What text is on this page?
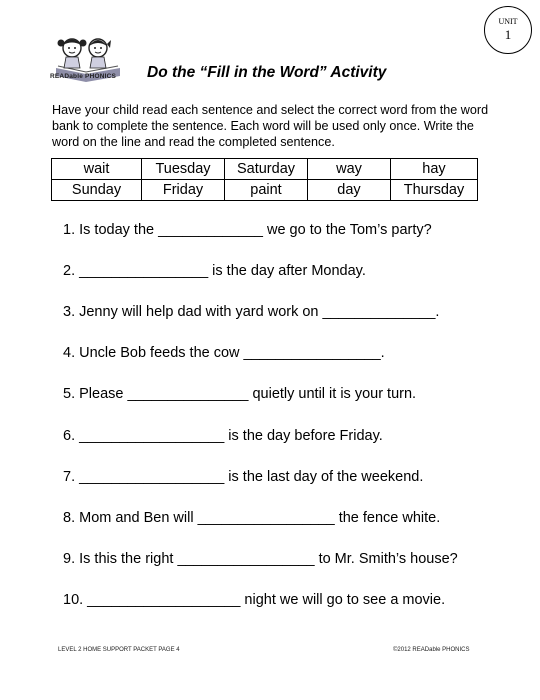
READable PHONICS
UNIT
1
Do the “Fill in the Word” Activity
Have your child read each sentence and select the correct word from the word bank to complete the sentence. Each word will be used only once. Write the word on the line and read the completed sentence.
wait	Tuesday	Saturday	way	hay
Sunday	Friday	paint	day	Thursday
1. Is today the _____________ we go to the Tom’s party?
2. ________________ is the day after Monday.
3. Jenny will help dad with yard work on ______________.
4. Uncle Bob feeds the cow _________________.
5. Please _______________ quietly until it is your turn.
6. __________________ is the day before Friday.
7. __________________ is the last day of the weekend.
8. Mom and Ben will _________________ the fence white.
9. Is this the right _________________ to Mr. Smith’s house?
10. ___________________ night we will go to see a movie.
LEVEL 2 HOME SUPPORT PACKET PAGE 4	©2012 READable PHONICS
